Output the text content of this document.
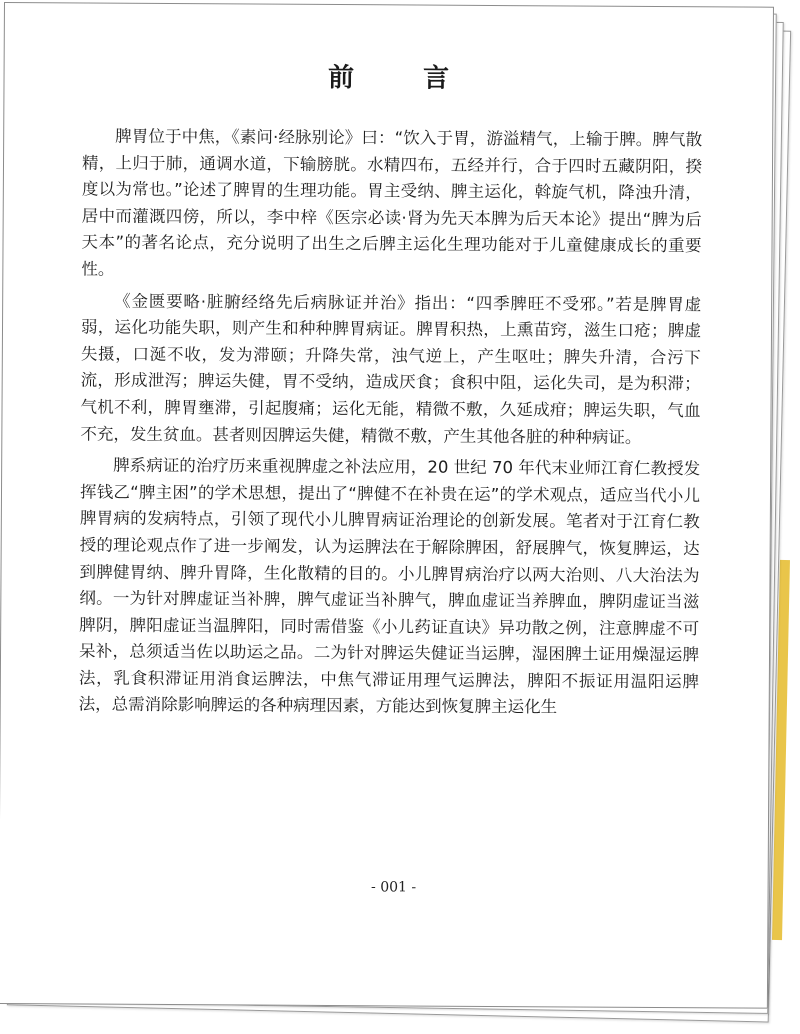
前 言

脾胃位于中焦，《素问·经脉别论》曰：“饮入于胃，游溢精气，上输于脾。脾气散精，上归于肺，通调水道，下输膀胱。水精四布，五经并行，合于四时五藏阴阳，揆度以为常也。”论述了脾胃的生理功能。胃主受纳、脾主运化，斡旋气机，降浊升清，居中而灌溉四傍，所以，李中梓《医宗必读·肾为先天本脾为后天本论》提出“脾为后天本”的著名论点，充分说明了出生之后脾主运化生理功能对于儿童健康成长的重要性。

《金匮要略·脏腑经络先后病脉证并治》指出：“四季脾旺不受邪。”若是脾胃虚弱，运化功能失职，则产生和种种脾胃病证。脾胃积热，上熏苗窍，滋生口疮；脾虚失摄，口涎不收，发为滞颐；升降失常，浊气逆上，产生呕吐；脾失升清，合污下流，形成泄泻；脾运失健，胃不受纳，造成厌食；食积中阻，运化失司，是为积滞；气机不利，脾胃壅滞，引起腹痛；运化无能，精微不敷，久延成疳；脾运失职，气血不充，发生贫血。甚者则因脾运失健，精微不敷，产生其他各脏的种种病证。

脾系病证的治疗历来重视脾虚之补法应用，20 世纪 70 年代末业师江育仁教授发挥钱乙“脾主困”的学术思想，提出了“脾健不在补贵在运”的学术观点，适应当代小儿脾胃病的发病特点，引领了现代小儿脾胃病证治理论的创新发展。笔者对于江育仁教授的理论观点作了进一步阐发，认为运脾法在于解除脾困，舒展脾气，恢复脾运，达到脾健胃纳、脾升胃降，生化散精的目的。小儿脾胃病治疗以两大治则、八大治法为纲。一为针对脾虚证当补脾，脾气虚证当补脾气，脾血虚证当养脾血，脾阴虚证当滋脾阴，脾阳虚证当温脾阳，同时需借鉴《小儿药证直诀》异功散之例，注意脾虚不可呆补，总须适当佐以助运之品。二为针对脾运失健证当运脾，湿困脾土证用燥湿运脾法，乳食积滞证用消食运脾法，中焦气滞证用理气运脾法，脾阳不振证用温阳运脾法，总需消除影响脾运的各种病理因素，方能达到恢复脾主运化生

- 001 -
